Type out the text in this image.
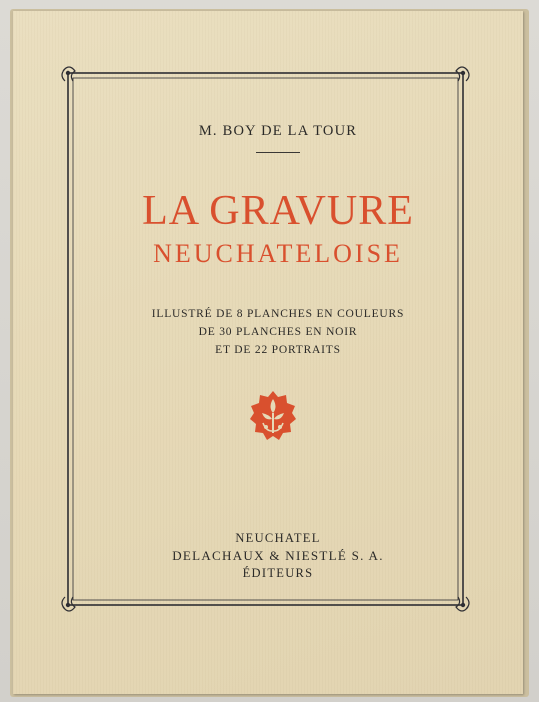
M. BOY DE LA TOUR
LA GRAVURE
NEUCHATELOISE
ILLUSTRÉ DE 8 PLANCHES EN COULEURS
DE 30 PLANCHES EN NOIR
ET DE 22 PORTRAITS
NEUCHATEL
DELACHAUX & NIESTLÉ S. A.
ÉDITEURS
